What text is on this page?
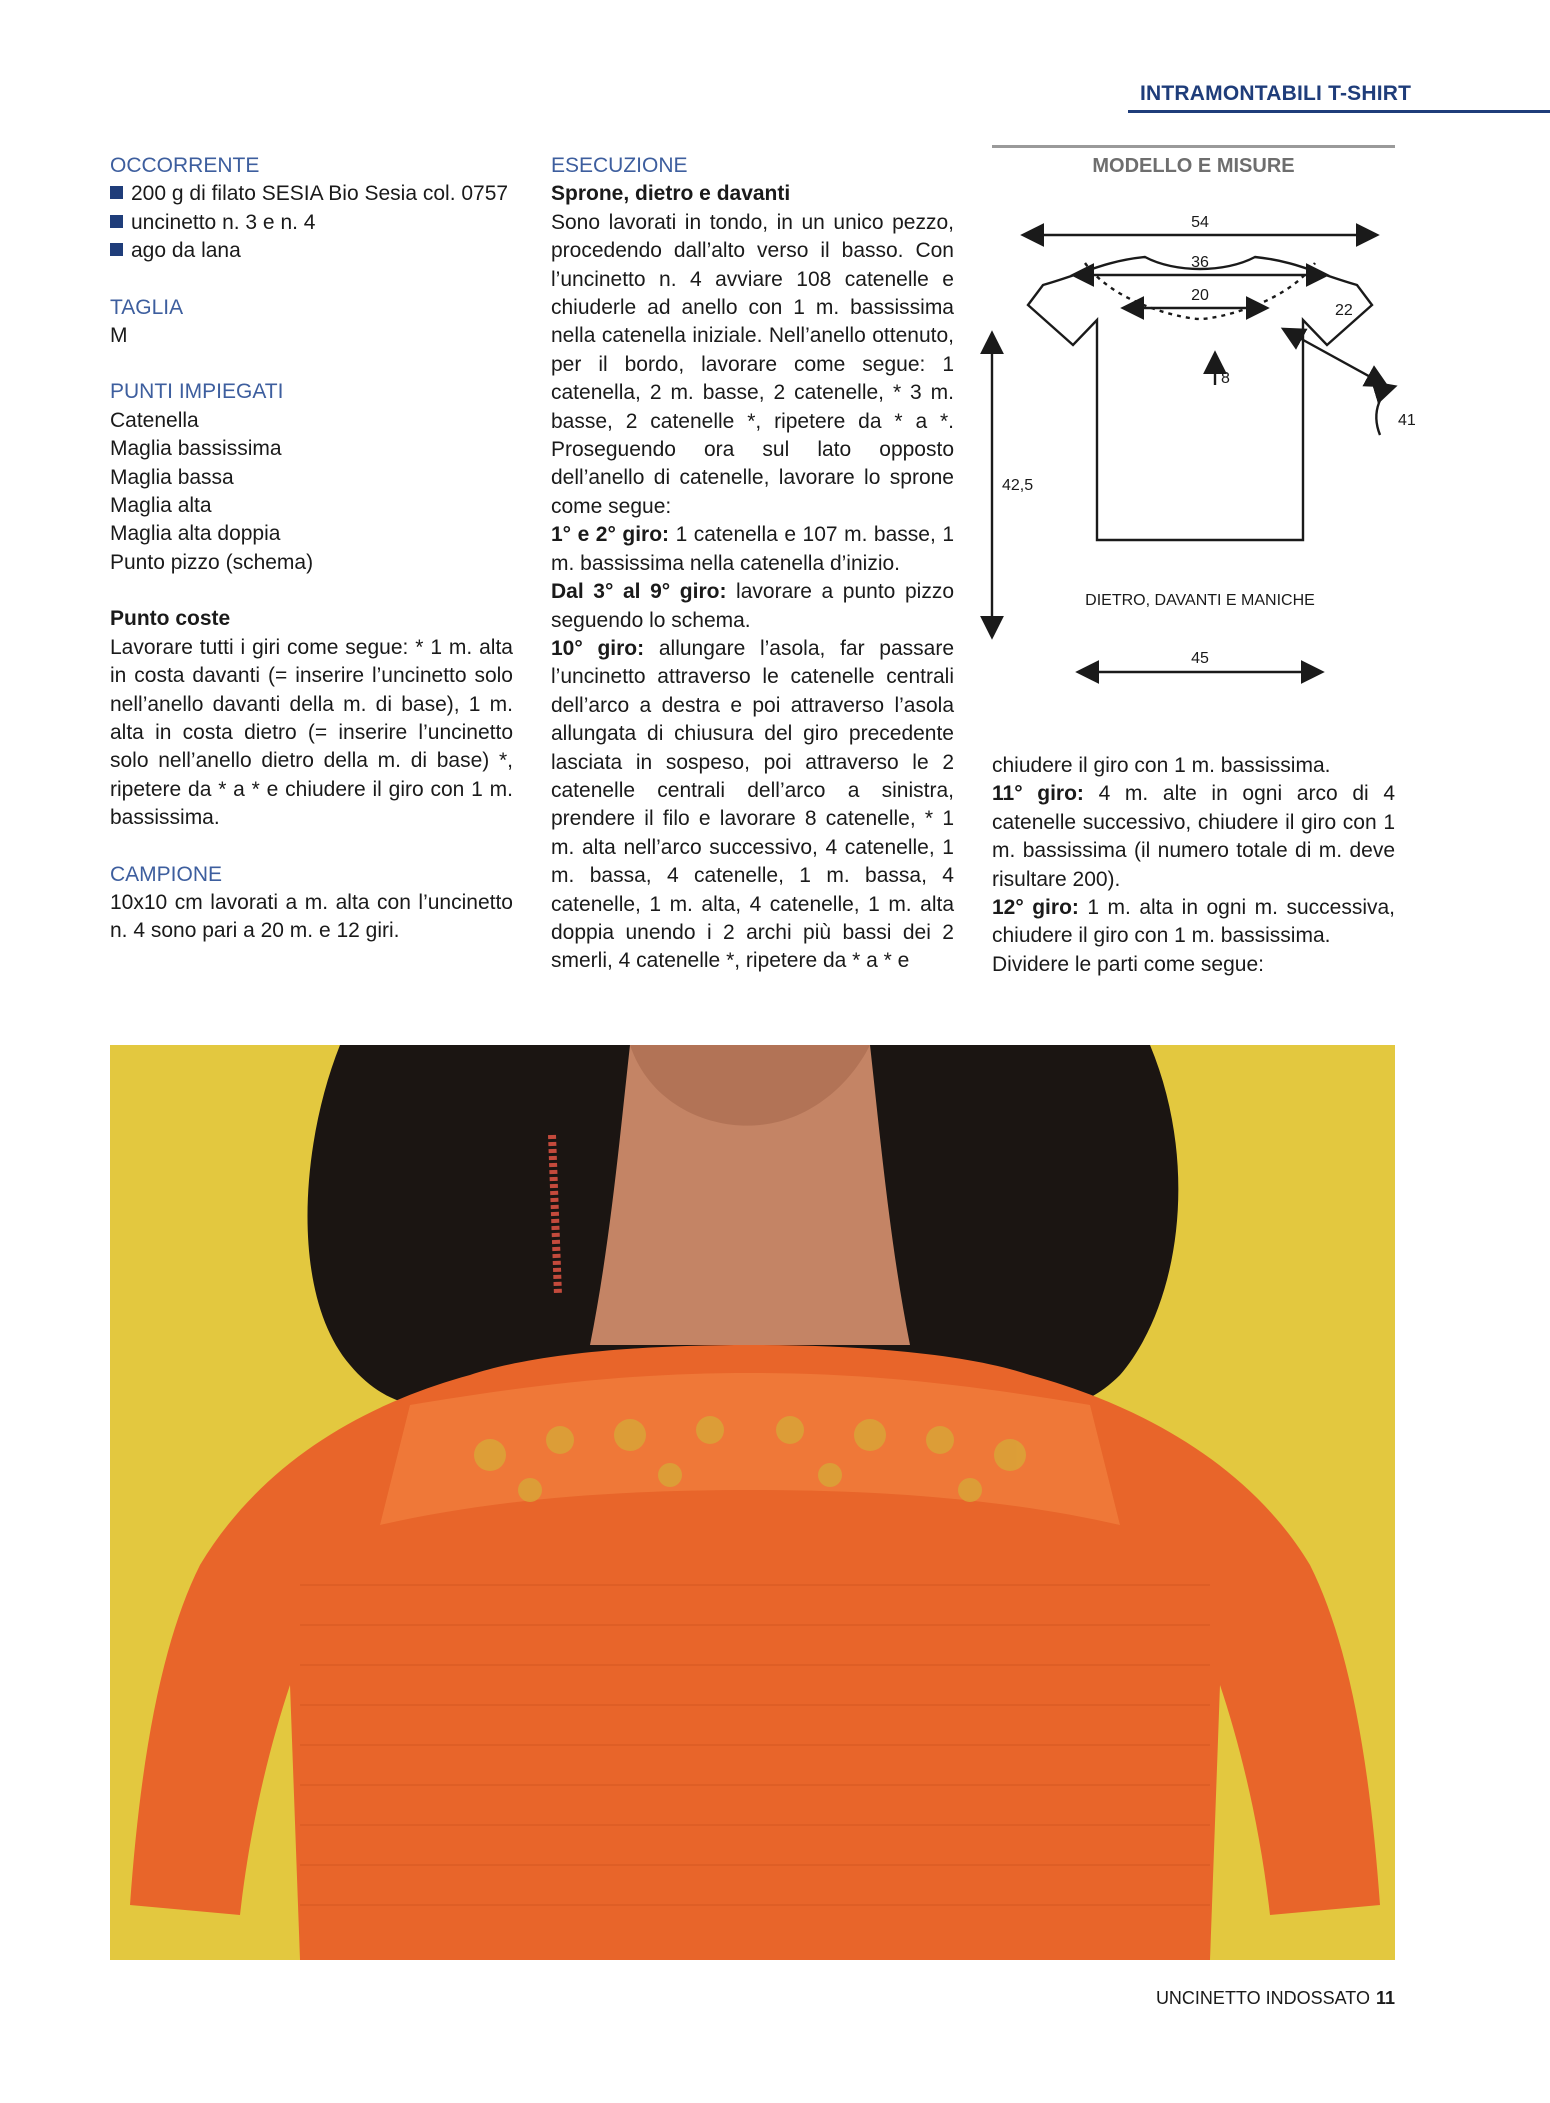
INTRAMONTABILI T-SHIRT

OCCORRENTE

200 g di filato SESIA Bio Sesia col. 0757

uncinetto n. 3 e n. 4

ago da lana

TAGLIA

M

PUNTI IMPIEGATI

Catenella

Maglia bassissima

Maglia bassa

Maglia alta

Maglia alta doppia

Punto pizzo (schema)

Punto coste

Lavorare tutti i giri come segue: * 1 m. alta in costa davanti (= inserire l’uncinetto solo nell’anello davanti della m. di base), 1 m. alta in costa dietro (= inserire l’uncinetto solo nell’anello dietro della m. di base) *, ripetere da * a * e chiudere il giro con 1 m. bassissima.

CAMPIONE

10x10 cm lavorati a m. alta con l’uncinetto n. 4 sono pari a 20 m. e 12 giri.

ESECUZIONE

Sprone, dietro e davanti

Sono lavorati in tondo, in un unico pezzo, procedendo dall’alto verso il basso. Con l’uncinetto n. 4 avviare 108 catenelle e chiuderle ad anello con 1 m. bassissima nella catenella iniziale. Nell’anello ottenuto, per il bordo, lavorare come segue: 1 catenella, 2 m. basse, 2 catenelle, * 3 m. basse, 2 catenelle *, ripetere da * a *. Proseguendo ora sul lato opposto dell’anello di catenelle, lavorare lo sprone come segue:

1° e 2° giro: 1 catenella e 107 m. basse, 1 m. bassissima nella catenella d’inizio.

Dal 3° al 9° giro: lavorare a punto pizzo seguendo lo schema.

10° giro: allungare l’asola, far passare l’uncinetto attraverso le catenelle centrali dell’arco a destra e poi attraverso l’asola allungata di chiusura del giro precedente lasciata in sospeso, poi attraverso le 2 catenelle centrali dell’arco a sinistra, prendere il filo e lavorare 8 catenelle, * 1 m. alta nell’arco successivo, 4 catenelle, 1 m. bassa, 4 catenelle, 1 m. bassa, 4 catenelle, 1 m. alta, 4 catenelle, 1 m. alta doppia unendo i 2 archi più bassi dei 2 smerli, 4 catenelle *, ripetere da * a * e

MODELLO E MISURE
54
36
20
22
8
41
42,5
45
DIETRO, DAVANTI E MANICHE

chiudere il giro con 1 m. bassissima.

11° giro: 4 m. alte in ogni arco di 4 catenelle successivo, chiudere il giro con 1 m. bassissima (il numero totale di m. deve risultare 200).

12° giro: 1 m. alta in ogni m. successiva, chiudere il giro con 1 m. bassissima.

Dividere le parti come segue:

UNCINETTO INDOSSATO 11
